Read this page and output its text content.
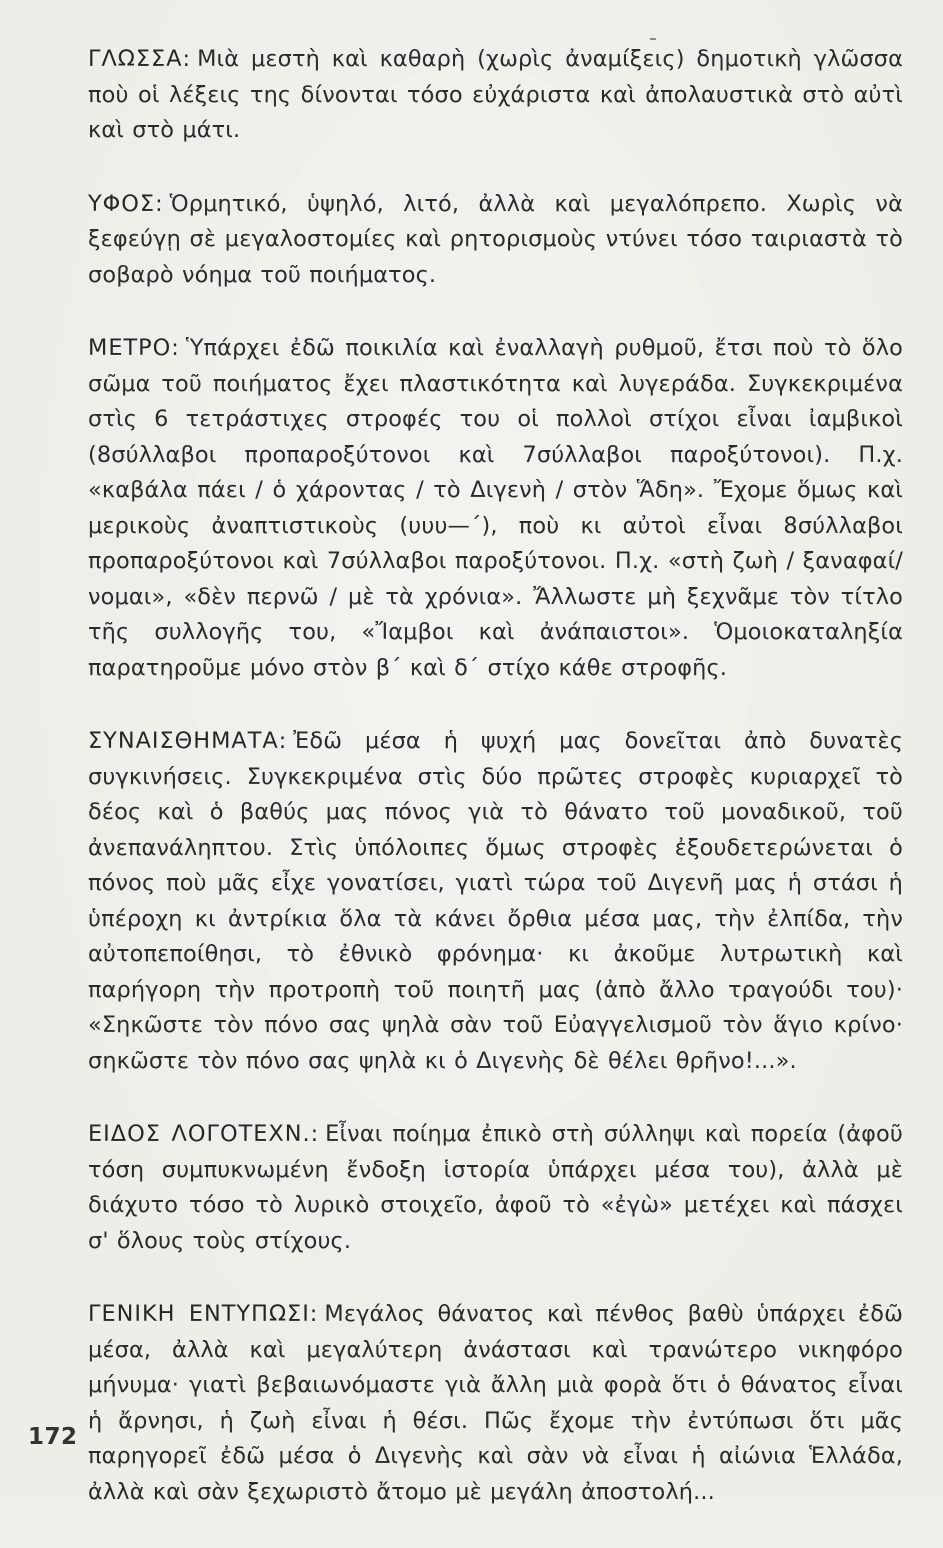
ΓΛΩΣΣΑ: Μιὰ μεστὴ καὶ καθαρὴ (χωρὶς ἀναμίξεις) δημοτικὴ γλῶσσα ποὺ οἱ λέξεις της δίνονται τόσο εὐχάριστα καὶ ἀπολαυστικὰ στὸ αὐτὶ καὶ στὸ μάτι.

ΥΦΟΣ: Ὁρμητικό, ὑψηλό, λιτό, ἀλλὰ καὶ μεγαλόπρεπο. Χωρὶς νὰ ξεφεύγῃ σὲ μεγαλοστομίες καὶ ρητορισμοὺς ντύνει τόσο ταιριαστὰ τὸ σοβαρὸ νόημα τοῦ ποιήματος.

ΜΕΤΡΟ: Ὑπάρχει ἐδῶ ποικιλία καὶ ἐναλλαγὴ ρυθμοῦ, ἔτσι ποὺ τὸ ὅλο σῶμα τοῦ ποιήματος ἔχει πλαστικότητα καὶ λυγεράδα. Συγκεκριμένα στὶς 6 τετράστιχες στροφές του οἱ πολλοὶ στίχοι εἶναι ἰαμβικοὶ (8σύλλαβοι προπαροξύτονοι καὶ 7σύλλαβοι παροξύτονοι). Π.χ. «καβάλα πάει / ὁ χάροντας / τὸ Διγενὴ / στὸν Ἅδη». Ἔχομε ὅμως καὶ μερικοὺς ἀναπτιστικοὺς (υυυ—΄), ποὺ κι αὐτοὶ εἶναι 8σύλλαβοι προπαροξύτονοι καὶ 7σύλλαβοι παροξύτονοι. Π.χ. «στὴ ζωὴ / ξαναφαί/νομαι», «δὲν περνῶ / μὲ τὰ χρόνια». Ἄλλωστε μὴ ξεχνᾶμε τὸν τίτλο τῆς συλλογῆς του, «Ἴαμβοι καὶ ἀνάπαιστοι». Ὁμοιοκαταληξία παρατηροῦμε μόνο στὸν β΄ καὶ δ΄ στίχο κάθε στροφῆς.

ΣΥΝΑΙΣΘΗΜΑΤΑ: Ἐδῶ μέσα ἡ ψυχή μας δονεῖται ἀπὸ δυνατὲς συγκινήσεις. Συγκεκριμένα στὶς δύο πρῶτες στροφὲς κυριαρχεῖ τὸ δέος καὶ ὁ βαθύς μας πόνος γιὰ τὸ θάνατο τοῦ μοναδικοῦ, τοῦ ἀνεπανάληπτου. Στὶς ὑπόλοιπες ὅμως στροφὲς ἐξουδετερώνεται ὁ πόνος ποὺ μᾶς εἶχε γονατίσει, γιατὶ τώρα τοῦ Διγενῆ μας ἡ στάσι ἡ ὑπέροχη κι ἀντρίκια ὅλα τὰ κάνει ὄρθια μέσα μας, τὴν ἐλπίδα, τὴν αὐτοπεποίθησι, τὸ ἐθνικὸ φρόνημα· κι ἀκοῦμε λυτρωτικὴ καὶ παρήγορη τὴν προτροπὴ τοῦ ποιητῆ μας (ἀπὸ ἄλλο τραγούδι του)· «Σηκῶστε τὸν πόνο σας ψηλὰ σὰν τοῦ Εὐαγγελισμοῦ τὸν ἅγιο κρίνο· σηκῶστε τὸν πόνο σας ψηλὰ κι ὁ Διγενὴς δὲ θέλει θρῆνο!...».

ΕΙΔΟΣ ΛΟΓΟΤΕΧΝ.: Εἶναι ποίημα ἐπικὸ στὴ σύλληψι καὶ πορεία (ἀφοῦ τόση συμπυκνωμένη ἔνδοξη ἱστορία ὑπάρχει μέσα του), ἀλλὰ μὲ διάχυτο τόσο τὸ λυρικὸ στοιχεῖο, ἀφοῦ τὸ «ἐγὼ» μετέχει καὶ πάσχει σ' ὅλους τοὺς στίχους.

ΓΕΝΙΚΗ ΕΝΤΥΠΩΣΙ: Μεγάλος θάνατος καὶ πένθος βαθὺ ὑπάρχει ἐδῶ μέσα, ἀλλὰ καὶ μεγαλύτερη ἀνάστασι καὶ τρανώτερο νικηφόρο μήνυμα· γιατὶ βεβαιωνόμαστε γιὰ ἄλλη μιὰ φορὰ ὅτι ὁ θάνατος εἶναι ἡ ἄρνησι, ἡ ζωὴ εἶναι ἡ θέσι. Πῶς ἔχομε τὴν ἐντύπωσι ὅτι μᾶς παρηγορεῖ ἐδῶ μέσα ὁ Διγενὴς καὶ σὰν νὰ εἶναι ἡ αἰώνια Ἑλλάδα, ἀλλὰ καὶ σὰν ξεχωριστὸ ἄτομο μὲ μεγάλη ἀποστολή...

172
